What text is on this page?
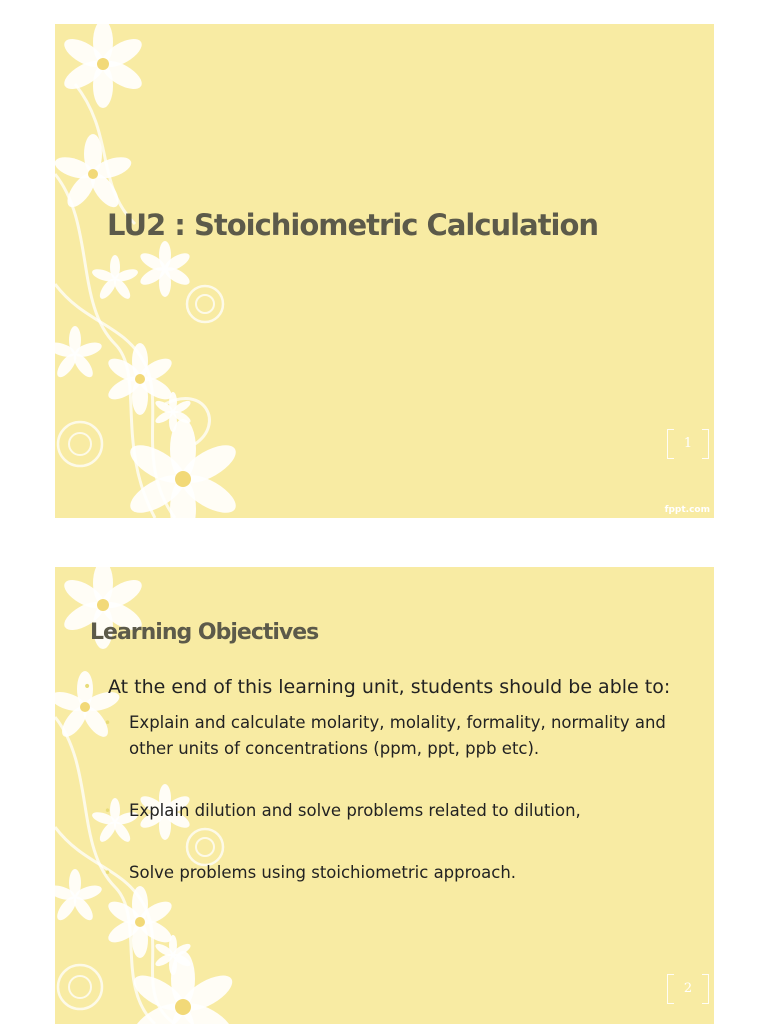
LU2 : Stoichiometric Calculation
1
fppt.com
Learning Objectives
• At the end of this learning unit, students should be able to:
• Explain and calculate molarity, molality, formality, normality and other units of concentrations (ppm, ppt, ppb etc).
• Explain dilution and solve problems related to dilution,
• Solve problems using stoichiometric approach.
2
